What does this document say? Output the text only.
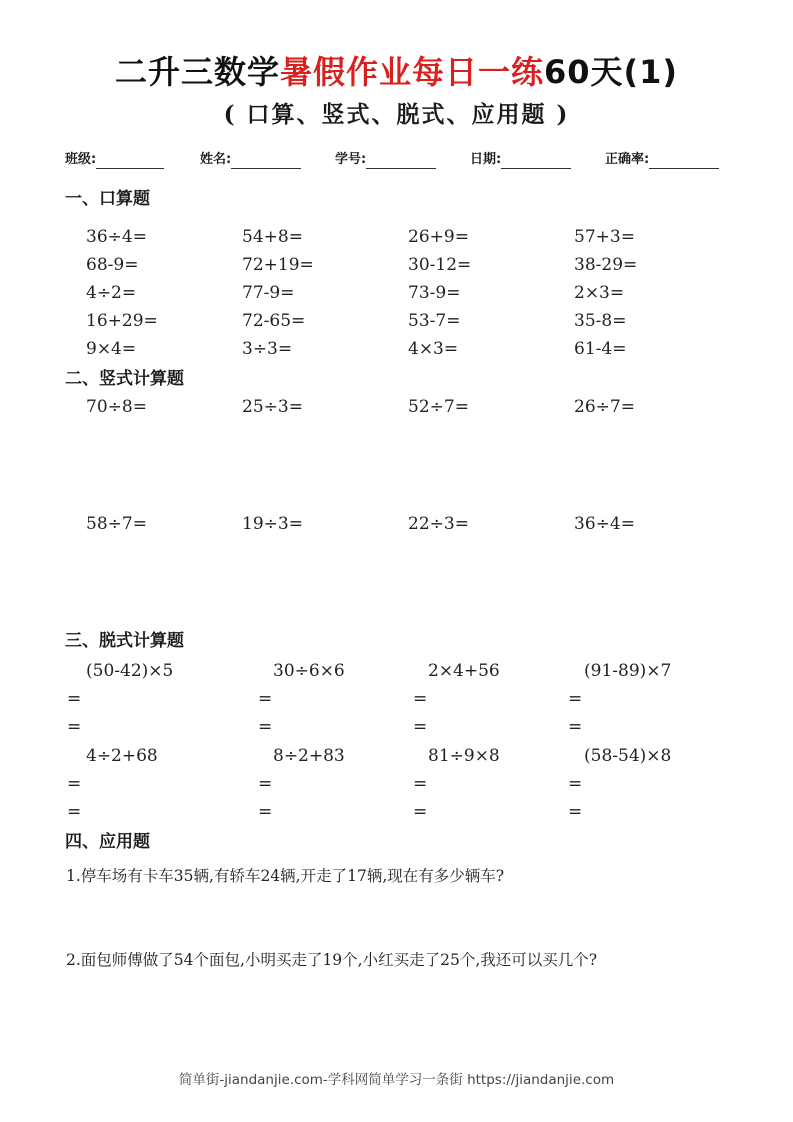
二升三数学暑假作业每日一练60天(1)
( 口算、竖式、脱式、应用题 )
班级:	姓名:	学号:	日期:	正确率:
一、口算题
36÷4=	54+8=	26+9=	57+3=
68-9=	72+19=	30-12=	38-29=
4÷2=	77-9=	73-9=	2×3=
16+29=	72-65=	53-7=	35-8=
9×4=	3÷3=	4×3=	61-4=
二、竖式计算题
70÷8=	25÷3=	52÷7=	26÷7=
58÷7=	19÷3=	22÷3=	36÷4=
三、脱式计算题
(50-42)×5	30÷6×6	2×4+56	(91-89)×7
=	=	=	=
=	=	=	=
4÷2+68	8÷2+83	81÷9×8	(58-54)×8
=	=	=	=
=	=	=	=
四、应用题
1.停车场有卡车35辆,有轿车24辆,开走了17辆,现在有多少辆车?
2.面包师傅做了54个面包,小明买走了19个,小红买走了25个,我还可以买几个?
简单街-jiandanjie.com-学科网简单学习一条街 https://jiandanjie.com
